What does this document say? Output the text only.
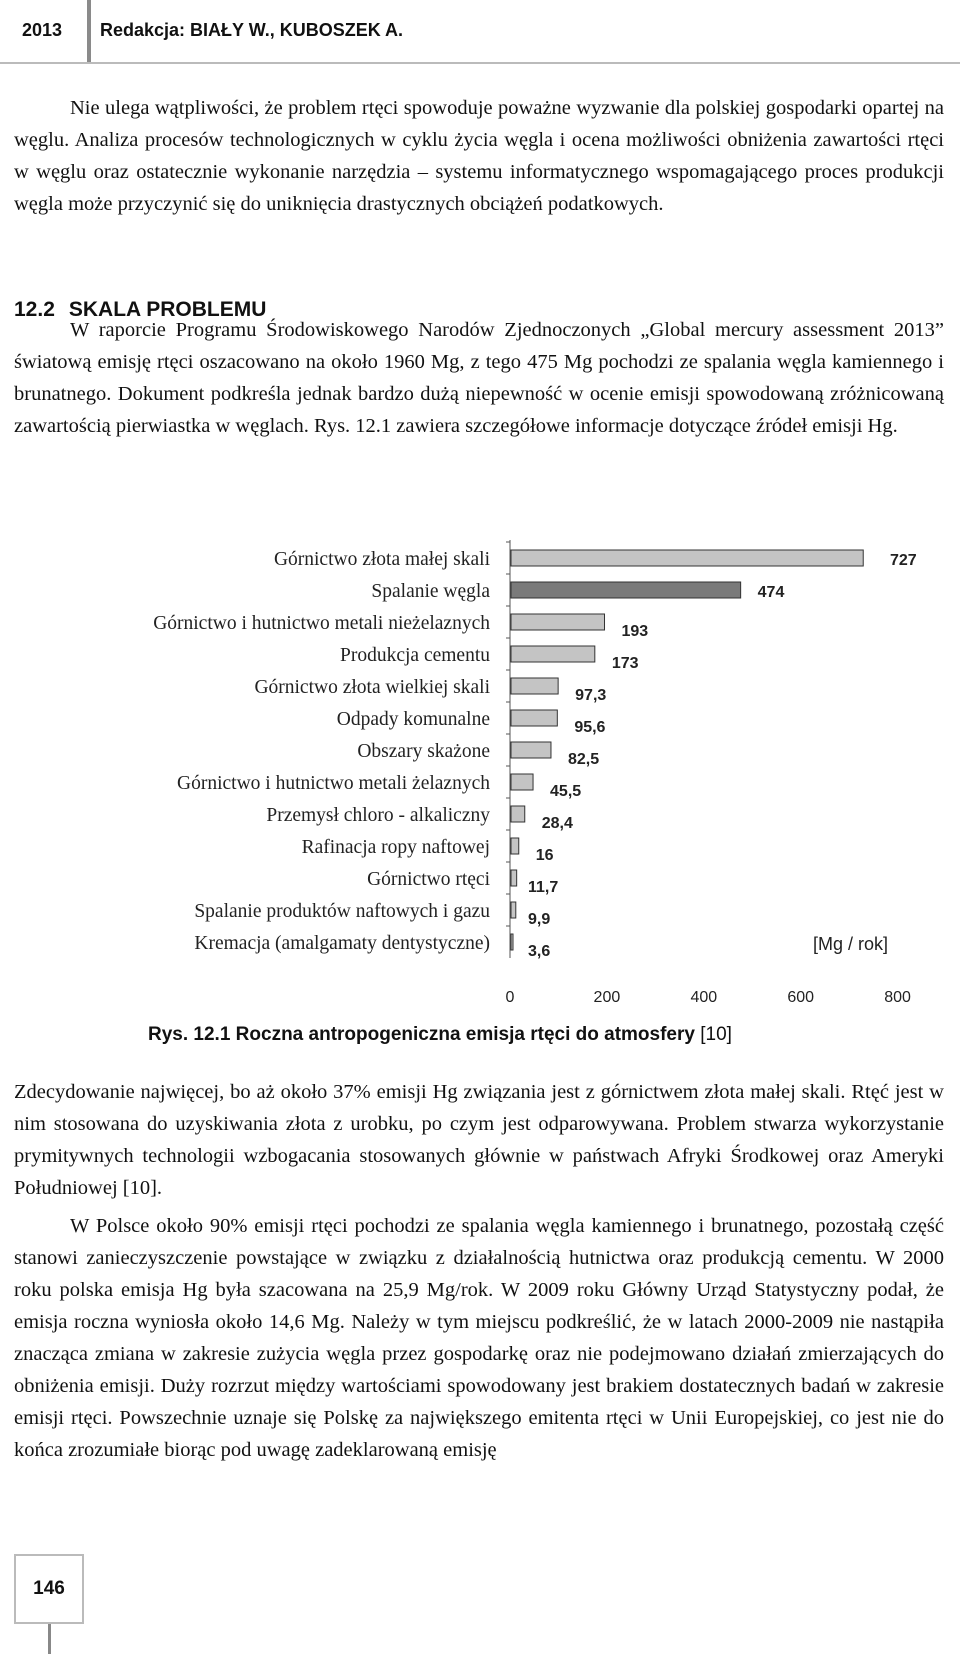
2013 Redakcja: BIAŁY W., KUBOSZEK A.

Nie ulega wątpliwości, że problem rtęci spowoduje poważne wyzwanie dla polskiej gospodarki opartej na węglu. Analiza procesów technologicznych w cyklu życia węgla i ocena możliwości obniżenia zawartości rtęci w węglu oraz ostatecznie wykonanie narzędzia – systemu informatycznego wspomagającego proces produkcji węgla może przyczynić się do uniknięcia drastycznych obciążeń podatkowych.

12.2 SKALA PROBLEMU

W raporcie Programu Środowiskowego Narodów Zjednoczonych „Global mercury assessment 2013” światową emisję rtęci oszacowano na około 1960 Mg, z tego 475 Mg pochodzi ze spalania węgla kamiennego i brunatnego. Dokument podkreśla jednak bardzo dużą niepewność w ocenie emisji spowodowaną zróżnicowaną zawartością pierwiastka w węglach. Rys. 12.1 zawiera szczegółowe informacje dotyczące źródeł emisji Hg.

Górnictwo złota małej skali	727
Spalanie węgla	474
Górnictwo i hutnictwo metali nieżelaznych	193
Produkcja cementu	173
Górnictwo złota wielkiej skali	97,3
Odpady komunalne	95,6
Obszary skażone	82,5
Górnictwo i hutnictwo metali żelaznych	45,5
Przemysł chloro - alkaliczny	28,4
Rafinacja ropy naftowej	16
Górnictwo rtęci 11,7
Spalanie produktów naftowych i gazu 9,9
Kremacja (amalgamaty dentystyczne) 3,6
0	200	400	600	800
[Mg / rok]

Rys. 12.1 Roczna antropogeniczna emisja rtęci do atmosfery [10]

Zdecydowanie najwięcej, bo aż około 37% emisji Hg związania jest z górnictwem złota małej skali. Rtęć jest w nim stosowana do uzyskiwania złota z urobku, po czym jest odparowywana. Problem stwarza wykorzystanie prymitywnych technologii wzbogacania stosowanych głównie w państwach Afryki Środkowej oraz Ameryki Południowej [10].

W Polsce około 90% emisji rtęci pochodzi ze spalania węgla kamiennego i brunatnego, pozostałą część stanowi zanieczyszczenie powstające w związku z działalnością hutnictwa oraz produkcją cementu. W 2000 roku polska emisja Hg była szacowana na 25,9 Mg/rok. W 2009 roku Główny Urząd Statystyczny podał, że emisja roczna wyniosła około 14,6 Mg. Należy w tym miejscu podkreślić, że w latach 2000-2009 nie nastąpiła znacząca zmiana w zakresie zużycia węgla przez gospodarkę oraz nie podejmowano działań zmierzających do obniżenia emisji. Duży rozrzut między wartościami spowodowany jest brakiem dostatecznych badań w zakresie emisji rtęci. Powszechnie uznaje się Polskę za największego emitenta rtęci w Unii Europejskiej, co jest nie do końca zrozumiałe biorąc pod uwagę zadeklarowaną emisję

146
